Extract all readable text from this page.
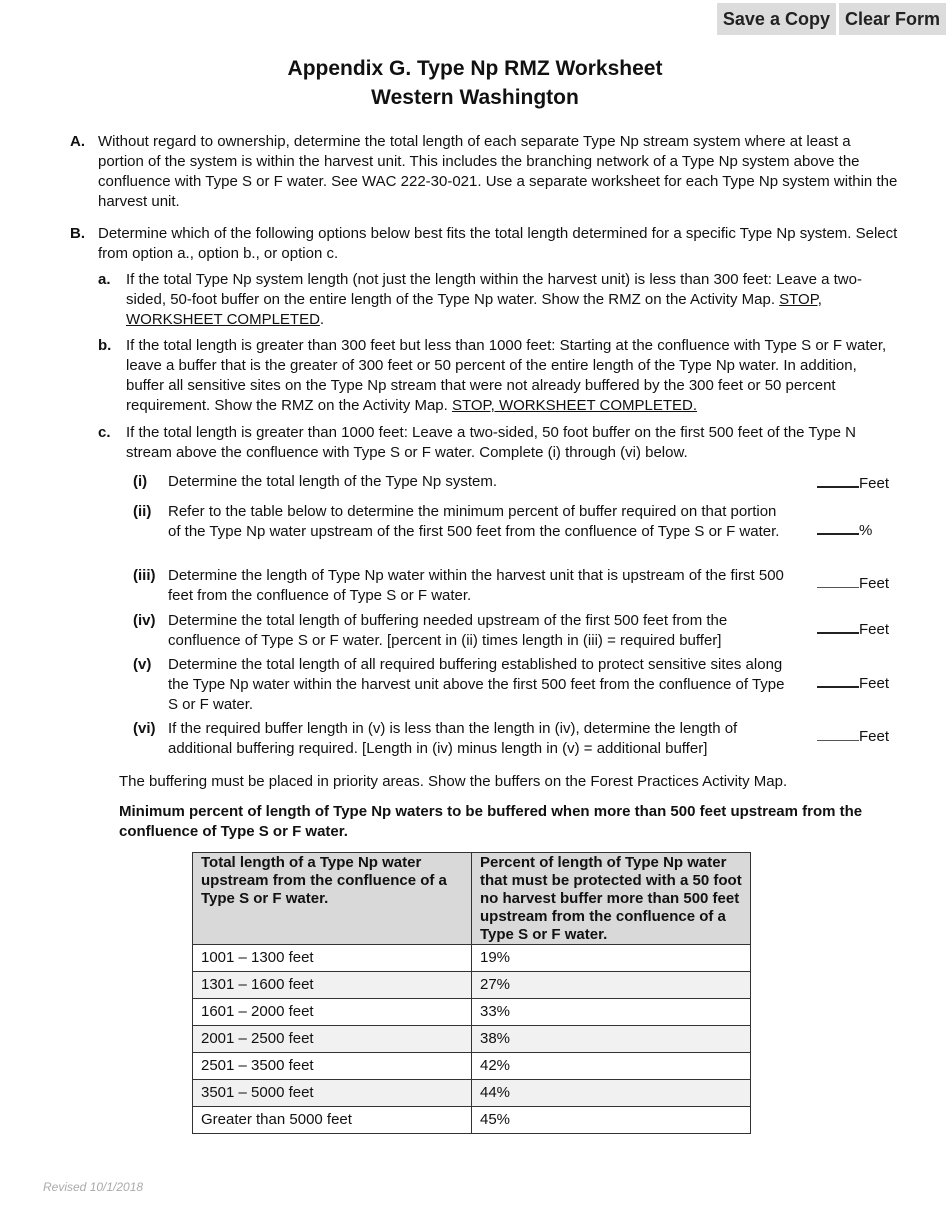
Save a Copy Clear Form
Appendix G. Type Np RMZ Worksheet
Western Washington
A. Without regard to ownership, determine the total length of each separate Type Np stream system where at least a portion of the system is within the harvest unit. This includes the branching network of a Type Np system above the confluence with Type S or F water. See WAC 222-30-021. Use a separate worksheet for each Type Np system within the harvest unit.

B. Determine which of the following options below best fits the total length determined for a specific Type Np system. Select from option a., option b., or option c.

a. If the total Type Np system length (not just the length within the harvest unit) is less than 300 feet: Leave a two-sided, 50-foot buffer on the entire length of the Type Np water. Show the RMZ on the Activity Map. STOP, WORKSHEET COMPLETED.

b. If the total length is greater than 300 feet but less than 1000 feet: Starting at the confluence with Type S or F water, leave a buffer that is the greater of 300 feet or 50 percent of the entire length of the Type Np water. In addition, buffer all sensitive sites on the Type Np stream that were not already buffered by the 300 feet or 50 percent requirement. Show the RMZ on the Activity Map. STOP, WORKSHEET COMPLETED.

c. If the total length is greater than 1000 feet: Leave a two-sided, 50 foot buffer on the first 500 feet of the Type N stream above the confluence with Type S or F water. Complete (i) through (vi) below.

(i) Determine the total length of the Type Np system.	Feet
(ii) Refer to the table below to determine the minimum percent of buffer required on that portion of the Type Np water upstream of the first 500 feet from the confluence of Type S or F water.	%
(iii) Determine the length of Type Np water within the harvest unit that is upstream of the first 500 feet from the confluence of Type S or F water.

Feet
(iv) Determine the total length of buffering needed upstream of the first 500 feet from the confluence of Type S or F water. [percent in (ii) times length in (iii) = required buffer]

Feet
(v) Determine the total length of all required buffering established to protect sensitive sites along the Type Np water within the harvest unit above the first 500 feet from the confluence of Type S or F water.

Feet
(vi) If the required buffer length in (v) is less than the length in (iv), determine the length of additional buffering required. [Length in (iv) minus length in (v) = additional buffer]

Feet

The buffering must be placed in priority areas. Show the buffers on the Forest Practices Activity Map.

Minimum percent of length of Type Np waters to be buffered when more than 500 feet upstream from the confluence of Type S or F water.

Total length of a Type Np water upstream from the confluence of a Type S or F water.	Percent of length of Type Np water that must be protected with a 50 foot no harvest buffer more than 500 feet upstream from the confluence of a Type S or F water.
1001 – 1300 feet	19%
1301 – 1600 feet	27%
1601 – 2000 feet	33%
2001 – 2500 feet	38%
2501 – 3500 feet	42%
3501 – 5000 feet	44%
Greater than 5000 feet	45%
Revised 10/1/2018
